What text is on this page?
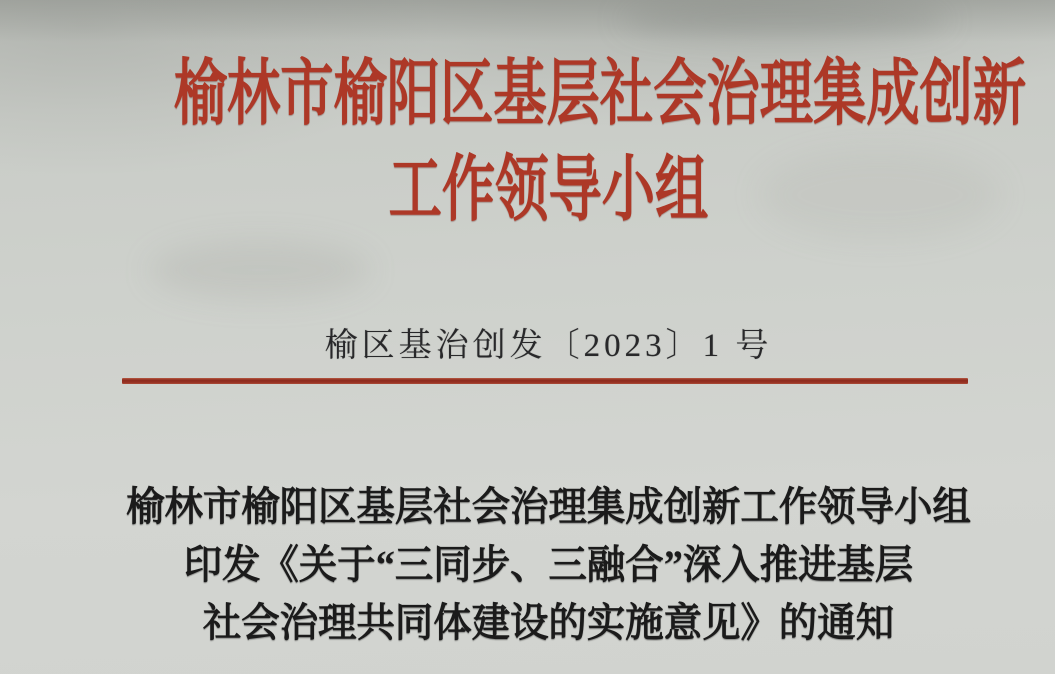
榆林市榆阳区基层社会治理集成创新
工作领导小组
榆区基治创发〔2023〕1 号
榆林市榆阳区基层社会治理集成创新工作领导小组
印发《关于“三同步、三融合”深入推进基层
社会治理共同体建设的实施意见》的通知
